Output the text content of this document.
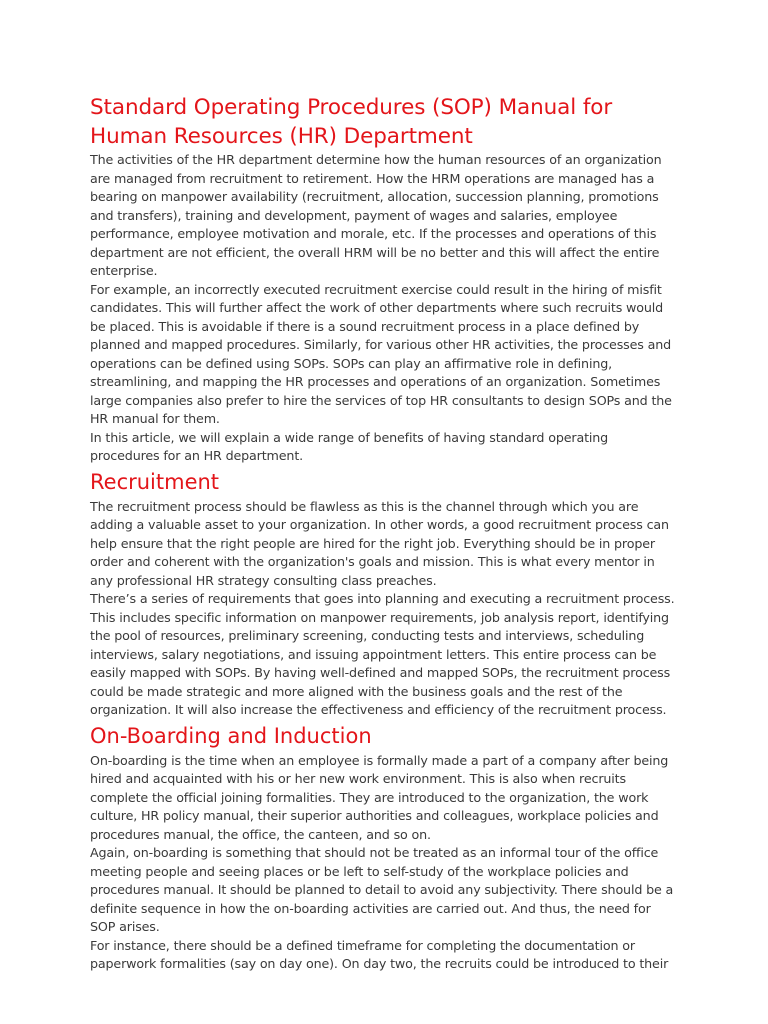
Standard Operating Procedures (SOP) Manual for Human Resources (HR) Department

The activities of the HR department determine how the human resources of an organization are managed from recruitment to retirement. How the HRM operations are managed has a bearing on manpower availability (recruitment, allocation, succession planning, promotions and transfers), training and development, payment of wages and salaries, employee performance, employee motivation and morale, etc. If the processes and operations of this department are not efficient, the overall HRM will be no better and this will affect the entire enterprise.

For example, an incorrectly executed recruitment exercise could result in the hiring of misfit candidates. This will further affect the work of other departments where such recruits would be placed. This is avoidable if there is a sound recruitment process in a place defined by planned and mapped procedures. Similarly, for various other HR activities, the processes and operations can be defined using SOPs. SOPs can play an affirmative role in defining, streamlining, and mapping the HR processes and operations of an organization. Sometimes large companies also prefer to hire the services of top HR consultants to design SOPs and the HR manual for them.

In this article, we will explain a wide range of benefits of having standard operating procedures for an HR department.

Recruitment

The recruitment process should be flawless as this is the channel through which you are adding a valuable asset to your organization. In other words, a good recruitment process can help ensure that the right people are hired for the right job. Everything should be in proper order and coherent with the organization's goals and mission. This is what every mentor in any professional HR strategy consulting class preaches.

There’s a series of requirements that goes into planning and executing a recruitment process. This includes specific information on manpower requirements, job analysis report, identifying the pool of resources, preliminary screening, conducting tests and interviews, scheduling interviews, salary negotiations, and issuing appointment letters. This entire process can be easily mapped with SOPs. By having well-defined and mapped SOPs, the recruitment process could be made strategic and more aligned with the business goals and the rest of the organization. It will also increase the effectiveness and efficiency of the recruitment process.

On-Boarding and Induction

On-boarding is the time when an employee is formally made a part of a company after being hired and acquainted with his or her new work environment. This is also when recruits complete the official joining formalities. They are introduced to the organization, the work culture, HR policy manual, their superior authorities and colleagues, workplace policies and procedures manual, the office, the canteen, and so on.

Again, on-boarding is something that should not be treated as an informal tour of the office meeting people and seeing places or be left to self-study of the workplace policies and procedures manual. It should be planned to detail to avoid any subjectivity. There should be a definite sequence in how the on-boarding activities are carried out. And thus, the need for SOP arises.

For instance, there should be a defined timeframe for completing the documentation or paperwork formalities (say on day one). On day two, the recruits could be introduced to their
